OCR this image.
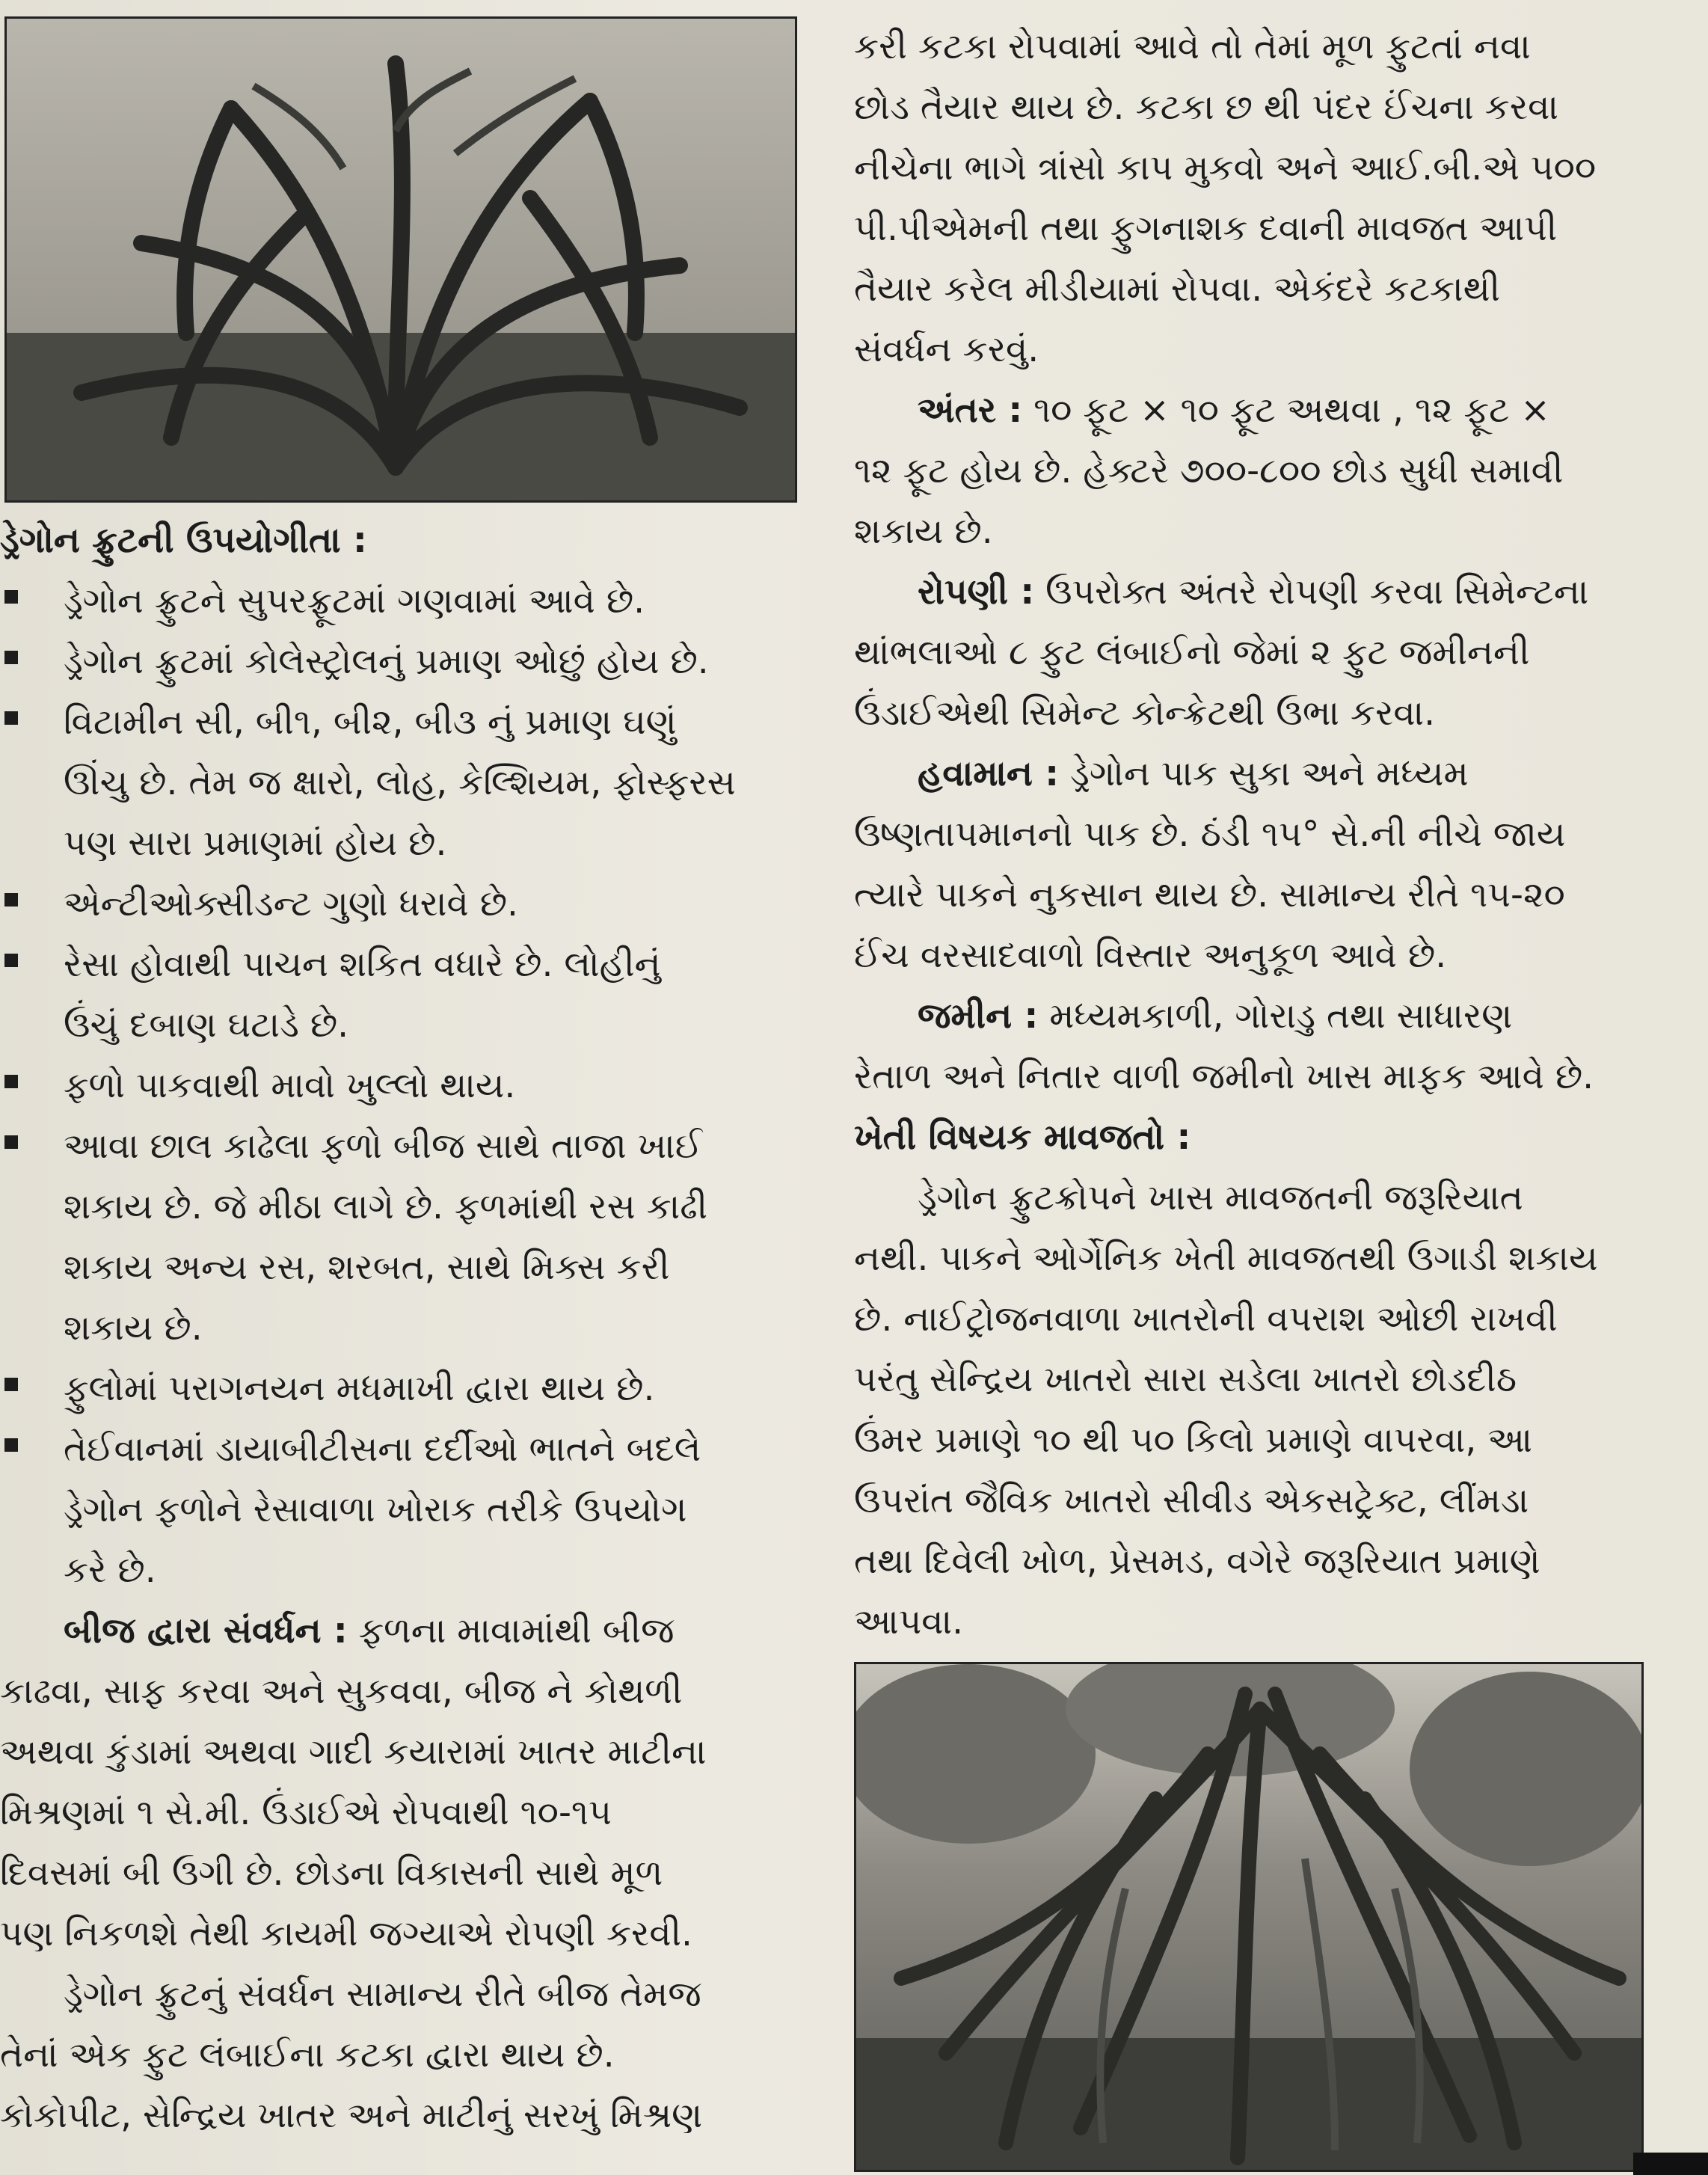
ડ્રેગોન ફ્રુટની ઉપયોગીતા :
ડ્રેગોન ફ્રુટને સુપરફ્રૂટમાં ગણવામાં આવે છે.
ડ્રેગોન ફ્રુટમાં કોલેસ્ટ્રોલનું પ્રમાણ ઓછું હોય છે.
વિટામીન સી, બી૧, બી૨, બી૩ નું પ્રમાણ ઘણું
ઊંચુ છે. તેમ જ ક્ષારો, લોહ, કેલ્શિયમ, ફોસ્ફરસ
પણ સારા પ્રમાણમાં હોય છે.
એન્ટીઓક્સીડન્ટ ગુણો ધરાવે છે.
રેસા હોવાથી પાચન શકિત વધારે છે. લોહીનું
ઉંચું દબાણ ઘટાડે છે.
ફળો પાકવાથી માવો ખુલ્લો થાય.
આવા છાલ કાઢેલા ફળો બીજ સાથે તાજા ખાઈ
શકાય છે. જે મીઠા લાગે છે. ફળમાંથી રસ કાઢી
શકાય અન્ય રસ, શરબત, સાથે મિક્સ કરી
શકાય છે.
ફુલોમાં પરાગનયન મધમાખી દ્વારા થાય છે.
તેઈવાનમાં ડાયાબીટીસના દર્દીઓ ભાતને બદલે
ડ્રેગોન ફળોને રેસાવાળા ખોરાક તરીકે ઉપયોગ
કરે છે.
બીજ દ્વારા સંવર્ધન : ફળના માવામાંથી બીજ
કાઢવા, સાફ કરવા અને સુકવવા, બીજ ને કોથળી
અથવા કુંડામાં અથવા ગાદી કયારામાં ખાતર માટીના
મિશ્રણમાં ૧ સે.મી. ઉંડાઈએ રોપવાથી ૧૦-૧૫
દિવસમાં બી ઉગી છે. છોડના વિકાસની સાથે મૂળ
પણ નિકળશે તેથી કાયમી જગ્યાએ રોપણી કરવી.
ડ્રેગોન ફ્રુટનું સંવર્ધન સામાન્ય રીતે બીજ તેમજ
તેનાં એક ફુટ લંબાઈના કટકા દ્વારા થાય છે.
કોકોપીટ, સેન્દ્રિય ખાતર અને માટીનું સરખું મિશ્રણ
કરી કટકા રોપવામાં આવે તો તેમાં મૂળ ફુટતાં નવા
છોડ તૈયાર થાય છે. કટકા છ થી પંદર ઈંચના કરવા
નીચેના ભાગે ત્રાંસો કાપ મુકવો અને આઈ.બી.એ ૫૦૦
પી.પીએમની તથા ફુગનાશક દવાની માવજત આપી
તૈયાર કરેલ મીડીયામાં રોપવા. એકંદરે કટકાથી
સંવર્ધન કરવું.
અંતર : ૧૦ ફૂટ × ૧૦ ફૂટ અથવા , ૧૨ ફૂટ ×
૧૨ ફૂટ હોય છે. હેક્ટરે ૭૦૦-૮૦૦ છોડ સુધી સમાવી
શકાય છે.
રોપણી : ઉપરોક્ત અંતરે રોપણી કરવા સિમેન્ટના
થાંભલાઓ ૮ ફુટ લંબાઈનો જેમાં ૨ ફુટ જમીનની
ઉંડાઈએથી સિમેન્ટ કોન્ક્રેટથી ઉભા કરવા.
હવામાન : ડ્રેગોન પાક સુકા અને મધ્યમ
ઉષ્ણતાપમાનનો પાક છે. ઠંડી ૧૫° સે.ની નીચે જાય
ત્યારે પાકને નુકસાન થાય છે. સામાન્ય રીતે ૧૫-૨૦
ઈંચ વરસાદવાળો વિસ્તાર અનુકૂળ આવે છે.
જમીન : મધ્યમકાળી, ગોરાડુ તથા સાધારણ
રેતાળ અને નિતાર વાળી જમીનો ખાસ માફક આવે છે.
ખેતી વિષયક માવજતો :
ડ્રેગોન ફ્રુટક્રોપને ખાસ માવજતની જરૂરિયાત
નથી. પાકને ઓર્ગેનિક ખેતી માવજતથી ઉગાડી શકાય
છે. નાઈટ્રોજનવાળા ખાતરોની વપરાશ ઓછી રાખવી
પરંતુ સેન્દ્રિય ખાતરો સારા સડેલા ખાતરો છોડદીઠ
ઉંમર પ્રમાણે ૧૦ થી ૫૦ કિલો પ્રમાણે વાપરવા, આ
ઉપરાંત જૈવિક ખાતરો સીવીડ એકસટ્રેક્ટ, લીંમડા
તથા દિવેલી ખોળ, પ્રેસમડ, વગેરે જરૂરિયાત પ્રમાણે
આપવા.
